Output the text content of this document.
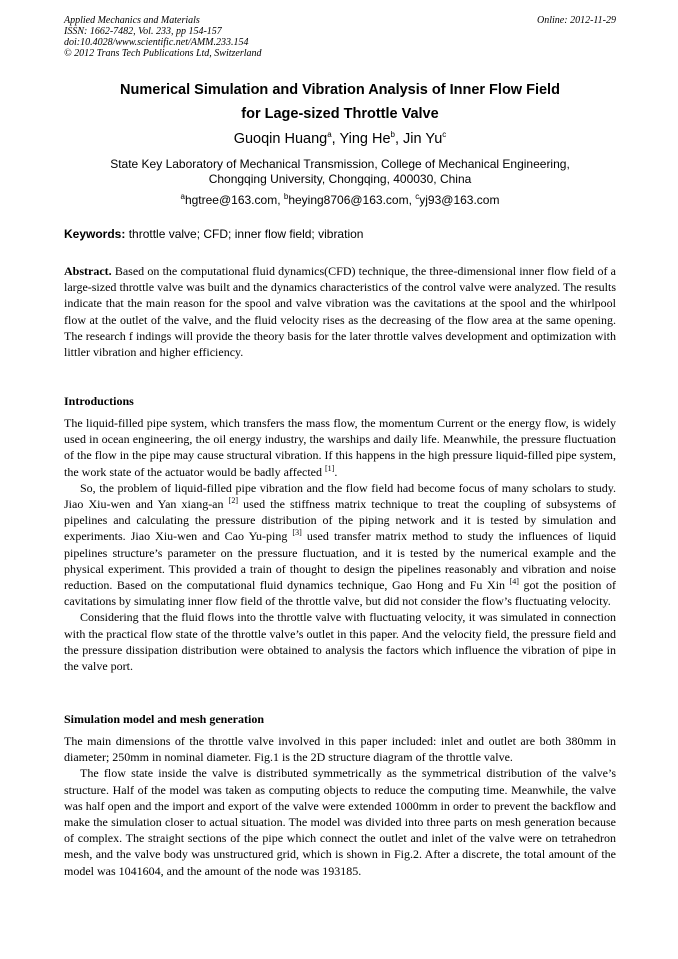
Applied Mechanics and Materials
ISSN: 1662-7482, Vol. 233, pp 154-157
doi:10.4028/www.scientific.net/AMM.233.154
© 2012 Trans Tech Publications Ltd, Switzerland
Online: 2012-11-29
Numerical Simulation and Vibration Analysis of Inner Flow Field
for Lage-sized Throttle Valve
Guoqin Huang$^a$, Ying He$^b$, Jin Yu$^c$
State Key Laboratory of Mechanical Transmission, College of Mechanical Engineering,
Chongqing University, Chongqing, 400030, China
$^a$hgtree@163.com, $^b$heying8706@163.com, $^c$yj93@163.com
Keywords: throttle valve; CFD; inner flow field; vibration
Abstract. Based on the computational fluid dynamics(CFD) technique, the three-dimensional inner flow field of a large-sized throttle valve was built and the dynamics characteristics of the control valve were analyzed. The results indicate that the main reason for the spool and valve vibration was the cavitations at the spool and the whirlpool flow at the outlet of the valve, and the fluid velocity rises as the decreasing of the flow area at the same opening. The research f indings will provide the theory basis for the later throttle valves development and optimization with littler vibration and higher efficiency.
Introductions

The liquid-filled pipe system, which transfers the mass flow, the momentum Current or the energy flow, is widely used in ocean engineering, the oil energy industry, the warships and daily life. Meanwhile, the pressure fluctuation of the flow in the pipe may cause structural vibration. If this happens in the high pressure liquid-filled pipe system, the work state of the actuator would be badly affected [1].

So, the problem of liquid-filled pipe vibration and the flow field had become focus of many scholars to study. Jiao Xiu-wen and Yan xiang-an [2] used the stiffness matrix technique to treat the coupling of subsystems of pipelines and calculating the pressure distribution of the piping network and it is tested by simulation and experiments. Jiao Xiu-wen and Cao Yu-ping [3] used transfer matrix method to study the influences of liquid pipelines structure’s parameter on the pressure fluctuation, and it is tested by the numerical example and the physical experiment. This provided a train of thought to design the pipelines reasonably and vibration and noise reduction. Based on the computational fluid dynamics technique, Gao Hong and Fu Xin [4] got the position of cavitations by simulating inner flow field of the throttle valve, but did not consider the flow’s fluctuating velocity.

Considering that the fluid flows into the throttle valve with fluctuating velocity, it was simulated in connection with the practical flow state of the throttle valve’s outlet in this paper. And the velocity field, the pressure field and the pressure dissipation distribution were obtained to analysis the factors which influence the vibration of pipe in the valve port.

Simulation model and mesh generation

The main dimensions of the throttle valve involved in this paper included: inlet and outlet are both 380mm in diameter; 250mm in nominal diameter. Fig.1 is the 2D structure diagram of the throttle valve.

The flow state inside the valve is distributed symmetrically as the symmetrical distribution of the valve’s structure. Half of the model was taken as computing objects to reduce the computing time. Meanwhile, the valve was half open and the import and export of the valve were extended 1000mm in order to prevent the backflow and make the simulation closer to actual situation. The model was divided into three parts on mesh generation because of complex. The straight sections of the pipe which connect the outlet and inlet of the valve were on tetrahedron mesh, and the valve body was unstructured grid, which is shown in Fig.2. After a discrete, the total amount of the model was 1041604, and the amount of the node was 193185.
